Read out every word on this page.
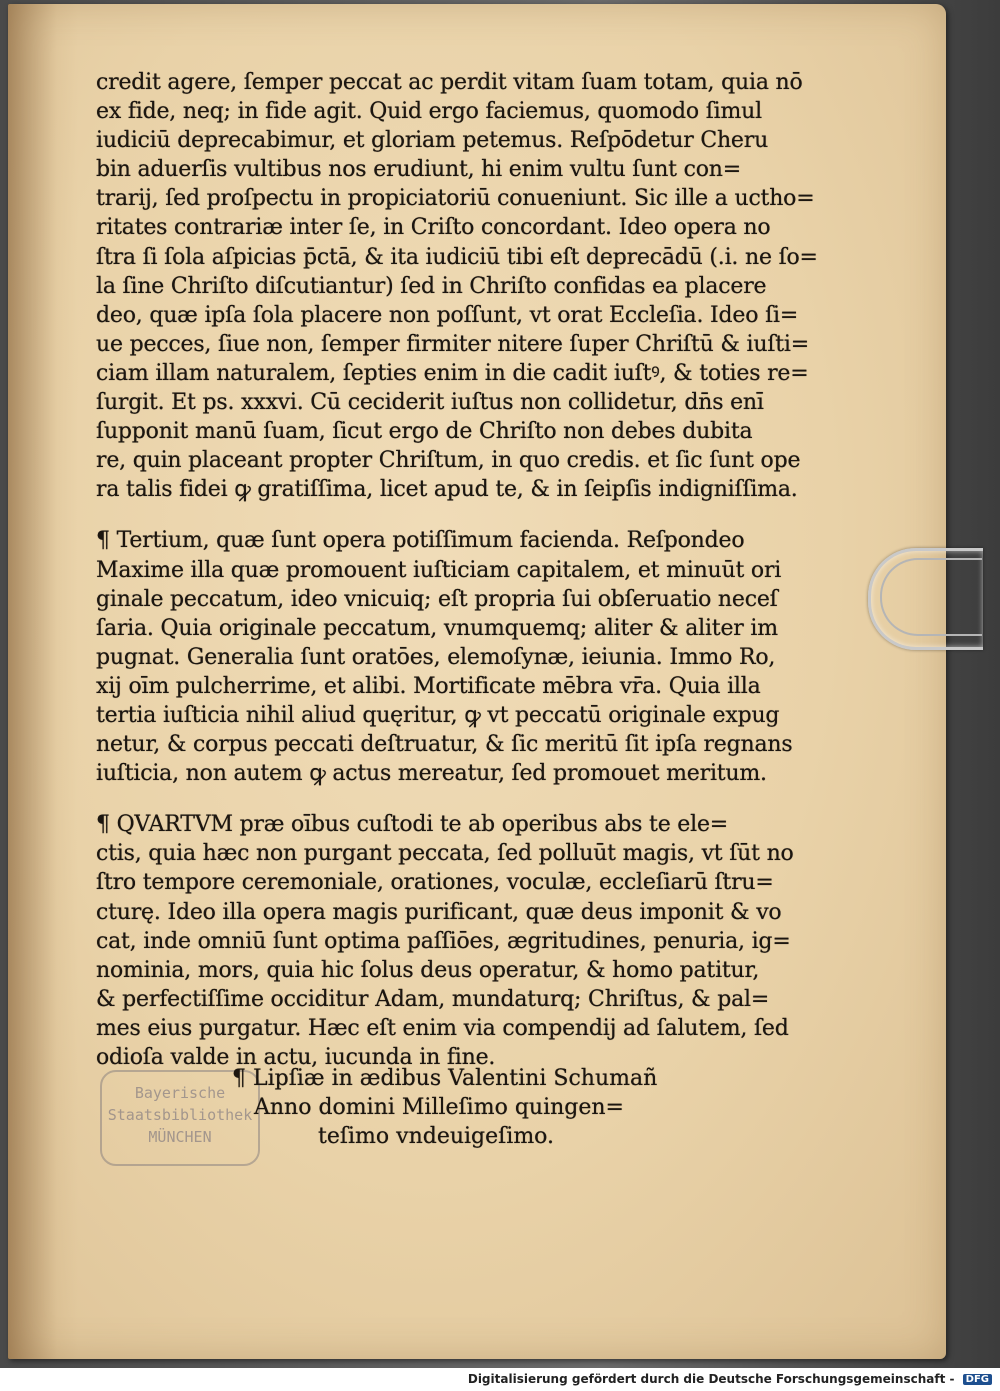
credit agere, ſemper peccat ac perdit vitam ſuam totam, quia nō
ex fide, neq; in fide agit. Quid ergo faciemus, quomodo ſimul
iudiciū deprecabimur, et gloriam petemus. Reſpōdetur Cheru
bin aduerſis vultibus nos erudiunt, hi enim vultu ſunt con=
trarij, ſed proſpectu in propiciatoriū conueniunt. Sic ille a uctho=
ritates contrariæ inter ſe, in Criſto concordant. Ideo opera no
ſtra ſi ſola aſpicias p̄ctā, & ita iudiciū tibi eſt deprecādū (.i. ne ſo=
la ſine Chriſto diſcutiantur) ſed in Chriſto confidas ea placere
deo, quæ ipſa ſola placere non poſſunt, vt orat Eccleſia. Ideo ſi=
ue pecces, ſiue non, ſemper firmiter nitere ſuper Chriſtū & iuſti=
ciam illam naturalem, ſepties enim in die cadit iuſtꝰ, & toties re=
ſurgit. Et ps. xxxvi. Cū ceciderit iuſtus non collidetur, dn̄s enī
ſupponit manū ſuam, ſicut ergo de Chriſto non debes dubita
re, quin placeant propter Chriſtum, in quo credis. et ſic ſunt ope
ra talis fidei ꝙ gratiſſima, licet apud te, & in ſeipſis indigniſſima.
¶ Tertium, quæ ſunt opera potiſſimum facienda. Reſpondeo
Maxime illa quæ promouent iuſticiam capitalem, et minuūt ori
ginale peccatum, ideo vnicuiq; eſt propria ſui obſeruatio neceſ
ſaria. Quia originale peccatum, vnumquemq; aliter & aliter im
pugnat. Generalia ſunt oratōes, elemoſynæ, ieiunia. Immo Ro,
xij oīm pulcherrime, et alibi. Mortificate mēbra vr̄a. Quia illa
tertia iuſticia nihil aliud quęritur, ꝙ vt peccatū originale expug
netur, & corpus peccati deſtruatur, & ſic meritū ſit ipſa regnans
iuſticia, non autem ꝙ actus mereatur, ſed promouet meritum.
¶ QVARTVM præ oībus cuſtodi te ab operibus abs te ele=
ctis, quia hæc non purgant peccata, ſed polluūt magis, vt ſūt no
ſtro tempore ceremoniale, orationes, voculæ, eccleſiarū ſtru=
cturę. Ideo illa opera magis purificant, quæ deus imponit & vo
cat, inde omniū ſunt optima paſſiōes, ægritudines, penuria, ig=
nominia, mors, quia hic ſolus deus operatur, & homo patitur,
& perfectiſſime occiditur Adam, mundaturq; Chriſtus, & pal=
mes eius purgatur. Hæc eſt enim via compendij ad ſalutem, ſed
odioſa valde in actu, iucunda in fine.
Bayerische
Staatsbibliothek
MÜNCHEN
¶ Lipſiæ in ædibus Valentini Schumañ
Anno domini Milleſimo quingen=
teſimo vndeuigeſimo.
Digitalisierung gefördert durch die Deutsche Forschungsgemeinschaft - DFG
